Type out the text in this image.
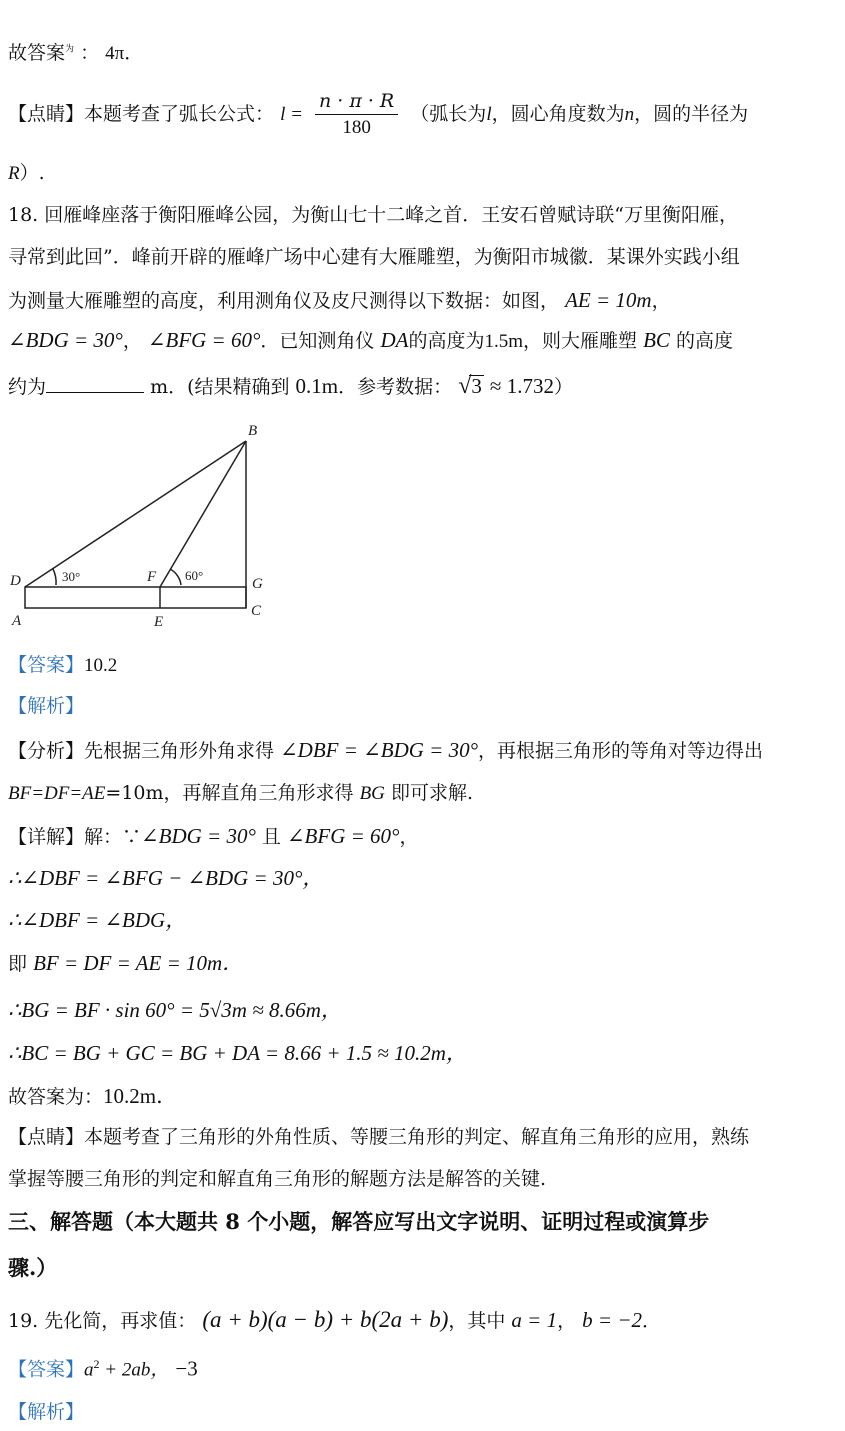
故答案$^为$ ： 4π．
【点睛】本题考查了弧长公式： $l = \frac{n \cdot \pi \cdot R}{180}$ （弧长为l，圆心角度数为n，圆的半径为
R）.
18. 回雁峰座落于衡阳雁峰公园，为衡山七十二峰之首．王安石曾赋诗联“万里衡阳雁，
寻常到此回”．峰前开辟的雁峰广场中心建有大雁雕塑，为衡阳市城徽．某课外实践小组
为测量大雁雕塑的高度，利用测角仪及皮尺测得以下数据：如图， AE = 10m，
∠BDG = 30°， ∠BFG = 60°．已知测角仪 DA的高度为1.5m，则大雁雕塑 BC 的高度
约为	m．(结果精确到 0.1m．参考数据： √3 ≈ 1.732）
B
D	F	G
A	E
C
30°	60°
【答案】10.2
【解析】
【分析】先根据三角形外角求得 ∠DBF = ∠BDG = 30°，再根据三角形的等角对等边得出
BF=DF=AE=10m，再解直角三角形求得 BG 即可求解.
【详解】解：∵∠BDG = 30° 且 ∠BFG = 60°，
∴∠DBF = ∠BFG − ∠BDG = 30°，
∴∠DBF = ∠BDG，
即 BF = DF = AE = 10m．
∴BG = BF · sin 60° = 5√3m ≈ 8.66m，
∴BC = BG + GC = BG + DA = 8.66 + 1.5 ≈ 10.2m，
故答案为：10.2m．
【点睛】本题考查了三角形的外角性质、等腰三角形的判定、解直角三角形的应用，熟练
掌握等腰三角形的判定和解直角三角形的解题方法是解答的关键.
三、解答题（本大题共 8 个小题，解答应写出文字说明、证明过程或演算步
骤.）
19. 先化简，再求值： (a + b)(a − b) + b(2a + b)，其中 a = 1， b = −2．
【答案】$a^2 + 2ab$， −3
【解析】
